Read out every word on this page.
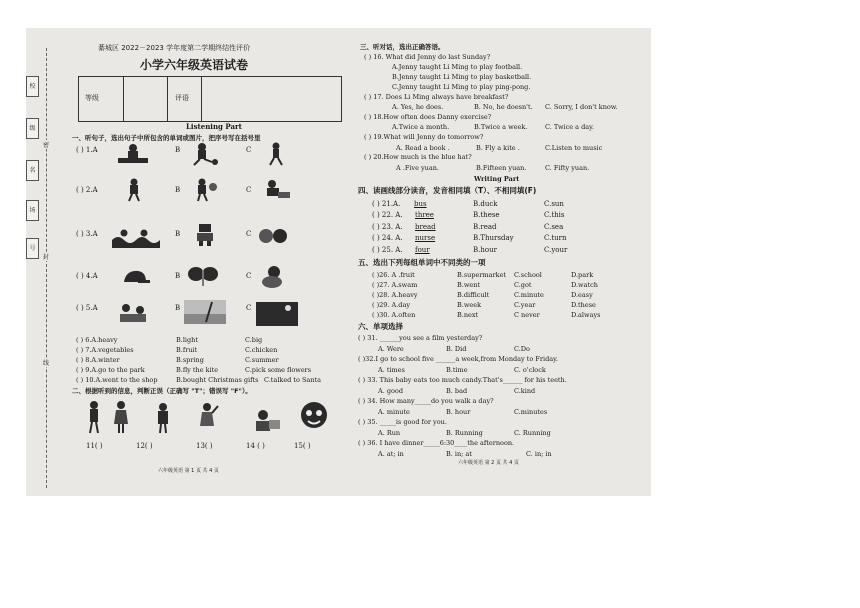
校
级
名
场
号
密
封
线
綦城区 2022－2023 学年度第二学期终结性评价
小学六年级英语试卷
等级	评语
Listening Part
一、听句子，选出句子中所包含的单词或图片，把序号写在括号里
( ) 1.A	B	C
( ) 2.A	B	C
( ) 3.A	B	C
( ) 4.A	B	C
( ) 5.A	B	C
( ) 6.A.heavy	B.light	C.big
( ) 7.A.vegetables	B.fruit	C.chicken
( ) 8.A.winter	B.spring	C.summer
( ) 9.A.go to the park	B.fly the kite	C.pick some flowers
( ) 10.A.went to the shop	B.bought Christmas gifts C.talked to Santa
二、根据听到的信息，判断正误（正确写 "T"；错误写 "F"）。
11( )	12( )	13( )	14 ( )	15( )
六年级英语 第 1 页 共 4 页
三、听对话，选出正确答语。
( ) 16. What did Jenny do last Sunday?
A.Jenny taught Li Ming to play football.
B.Jenny taught Li Ming to play basketball.
C.Jenny taught Li Ming to play ping-pong.
( ) 17. Does Li Ming always have breakfast?
A. Yes, he does.	B. No, he doesn't. C. Sorry, I don't know.
( ) 18.How often does Danny exercise?
A.Twice a month.	B.Twice a week.	C. Twice a day.
( ) 19.What will Jenny do tomorrow?
A. Read a book .	B. Fly a kite .	C.Listen to music
( ) 20.How much is the blue hat?
A .Five yuan.	B.Fifteen yuan.	C. Fifty yuan.
Writing Part
四、读画线部分读音，发音相同填（T）、不相同填(F)
( ) 21.A. bus	B.duck	C.sun
( ) 22. A. three	B.these	C.this
( ) 23. A. bread	B.read	C.sea
( ) 24. A. nurse	B.Thursday	C.turn
( ) 25. A. four	B.hour	C.your
五、选出下列每组单词中不同类的一项
( )26. A .fruit	B.supermarket C.school	D.park
( )27. A.swam	B.went	C.got	D.watch
( )28. A.heavy	B.difficult	C.minute	D.easy
( )29. A.day	B.week	C.year	D.these
( )30. A.often	B.next	C never	D.always
六、单项选择
( ) 31. ______you see a film yesterday?
A. Were	B. Did	C.Do
( )32.I go to school five ______a week,from Monday to Friday.
A. times	B.time	C. o'clock
( ) 33. This baby eats too much candy.That's______ for his teeth.
A. good	B. bad	C.kind
( ) 34. How many_____do you walk a day?
A. minute	B. hour	C.minutes
( ) 35. _____is good for you.
A. Run	B. Running	C. Running
( ) 36. I have dinner_____6:30____the afternoon.
A. at; in	B. in; at	C. in; in
六年级英语 第 2 页 共 4 页
